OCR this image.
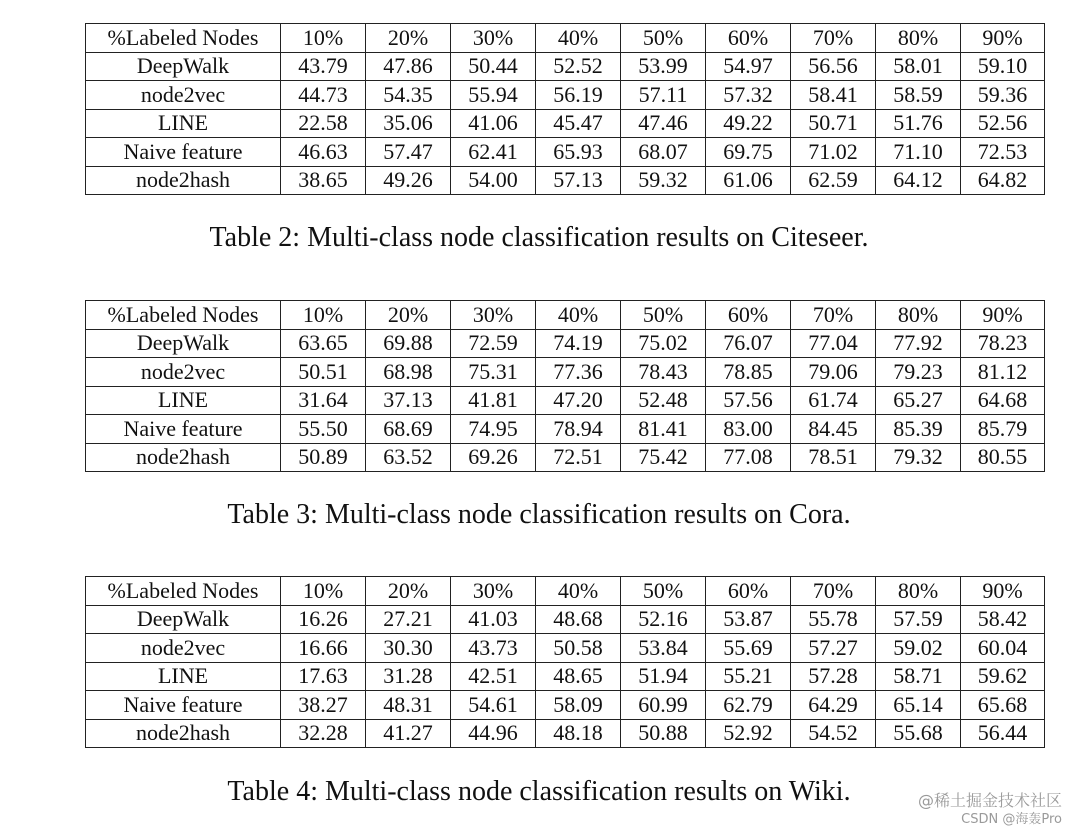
%Labeled Nodes	10%	20%	30%	40%	50%	60%	70%	80%	90%
DeepWalk	43.79	47.86	50.44	52.52	53.99	54.97	56.56	58.01	59.10
node2vec	44.73	54.35	55.94	56.19	57.11	57.32	58.41	58.59	59.36
LINE	22.58	35.06	41.06	45.47	47.46	49.22	50.71	51.76	52.56
Naive feature	46.63	57.47	62.41	65.93	68.07	69.75	71.02	71.10	72.53
node2hash	38.65	49.26	54.00	57.13	59.32	61.06	62.59	64.12	64.82
Table 2: Multi-class node classification results on Citeseer.
%Labeled Nodes	10%	20%	30%	40%	50%	60%	70%	80%	90%
DeepWalk	63.65	69.88	72.59	74.19	75.02	76.07	77.04	77.92	78.23
node2vec	50.51	68.98	75.31	77.36	78.43	78.85	79.06	79.23	81.12
LINE	31.64	37.13	41.81	47.20	52.48	57.56	61.74	65.27	64.68
Naive feature	55.50	68.69	74.95	78.94	81.41	83.00	84.45	85.39	85.79
node2hash	50.89	63.52	69.26	72.51	75.42	77.08	78.51	79.32	80.55
Table 3: Multi-class node classification results on Cora.
%Labeled Nodes	10%	20%	30%	40%	50%	60%	70%	80%	90%
DeepWalk	16.26	27.21	41.03	48.68	52.16	53.87	55.78	57.59	58.42
node2vec	16.66	30.30	43.73	50.58	53.84	55.69	57.27	59.02	60.04
LINE	17.63	31.28	42.51	48.65	51.94	55.21	57.28	58.71	59.62
Naive feature	38.27	48.31	54.61	58.09	60.99	62.79	64.29	65.14	65.68
node2hash	32.28	41.27	44.96	48.18	50.88	52.92	54.52	55.68	56.44
Table 4: Multi-class node classification results on Wiki.	@稀土掘金技术社区
CSDN @海轰Pro
